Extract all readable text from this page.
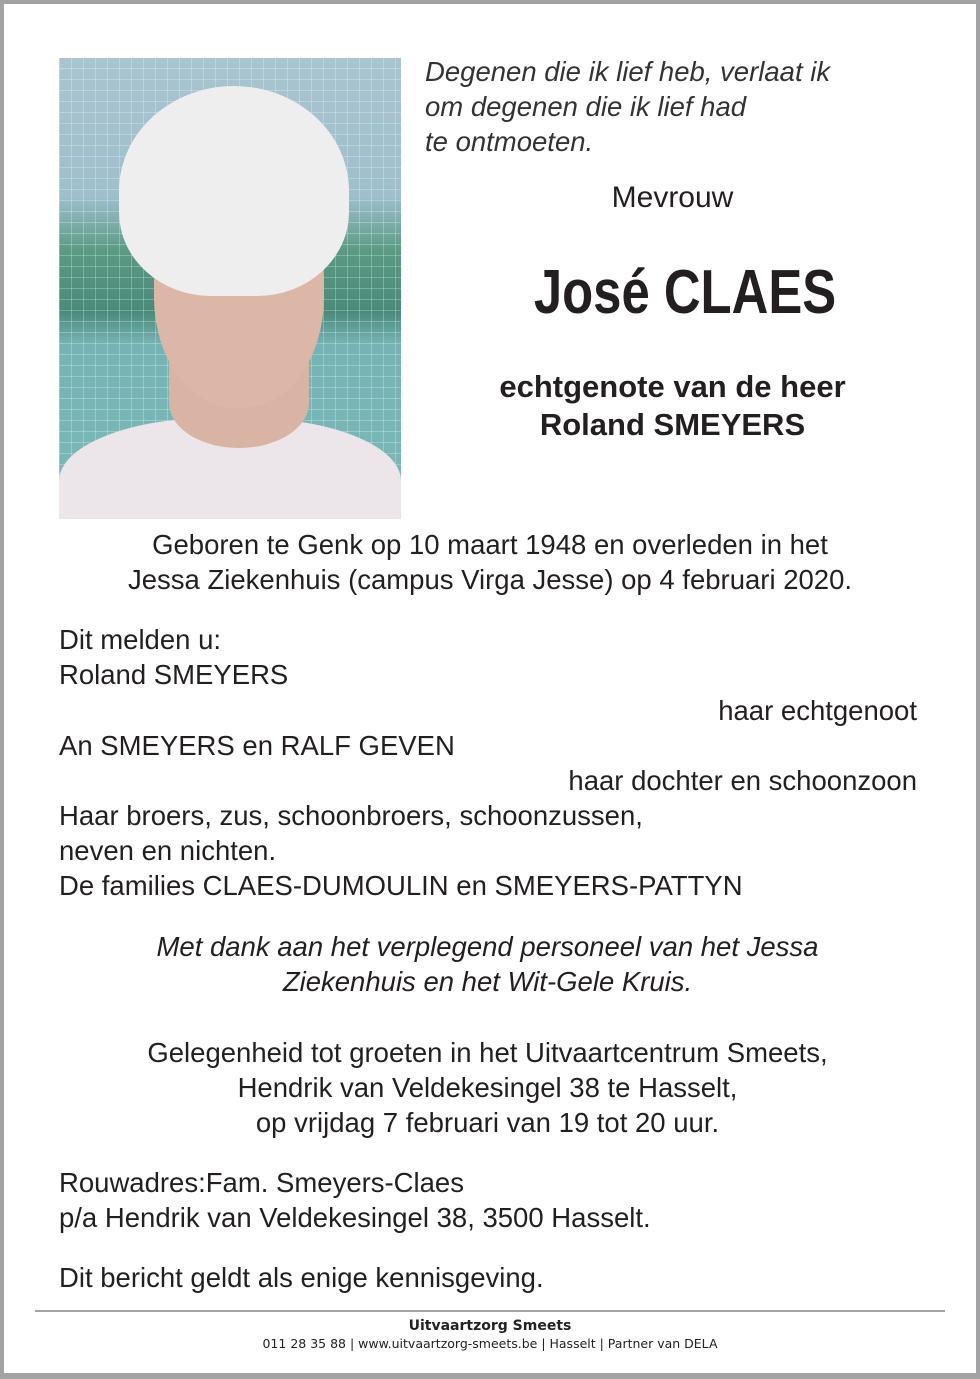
Degenen die ik lief heb, verlaat ik
om degenen die ik lief had
te ontmoeten.
Mevrouw
José CLAES
echtgenote van de heer
Roland SMEYERS
Geboren te Genk op 10 maart 1948 en overleden in het
Jessa Ziekenhuis (campus Virga Jesse) op 4 februari 2020.
Dit melden u:
Roland SMEYERS
haar echtgenoot
An SMEYERS en RALF GEVEN
haar dochter en schoonzoon
Haar broers, zus, schoonbroers, schoonzussen,
neven en nichten.
De families CLAES-DUMOULIN en SMEYERS-PATTYN
Met dank aan het verplegend personeel van het Jessa
Ziekenhuis en het Wit-Gele Kruis.
Gelegenheid tot groeten in het Uitvaartcentrum Smeets,
Hendrik van Veldekesingel 38 te Hasselt,
op vrijdag 7 februari van 19 tot 20 uur.
Rouwadres:Fam. Smeyers-Claes
p/a Hendrik van Veldekesingel 38, 3500 Hasselt.
Dit bericht geldt als enige kennisgeving.
Uitvaartzorg Smeets
011 28 35 88 | www.uitvaartzorg-smeets.be | Hasselt | Partner van DELA
